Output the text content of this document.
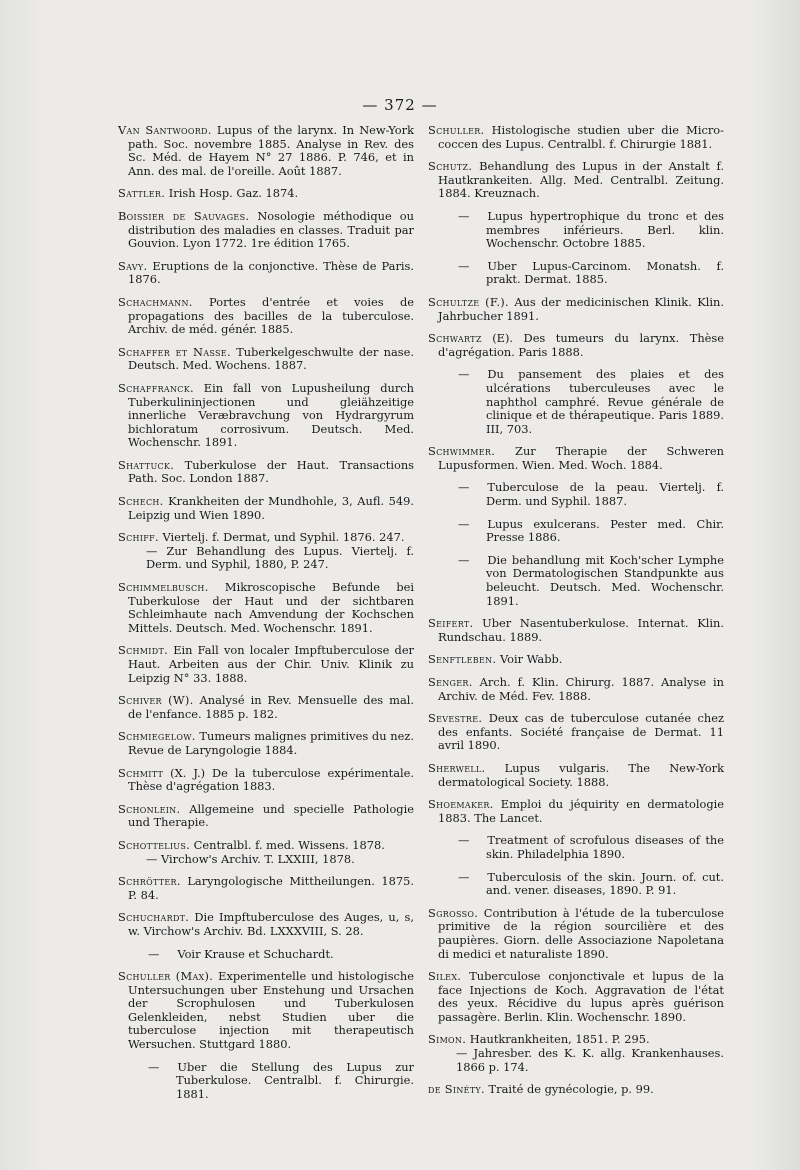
— 372 —
Van Santwoord. Lupus of the larynx. In New-York path. Soc. novembre 1885. Analyse in Rev. des Sc. Méd. de Hayem N° 27 1886. P. 746, et in Ann. des mal. de l'oreille. Août 1887.
Sattler. Irish Hosp. Gaz. 1874.
Boissier de Sauvages. Nosologie méthodique ou distribution des maladies en classes. Traduit par Gouvion. Lyon 1772. 1re édition 1765.
Savy. Eruptions de la conjonctive. Thèse de Paris. 1876.
Schachmann. Portes d'entrée et voies de propagations des bacilles de la tuberculose. Archiv. de méd. génér. 1885.
Schaffer et Nasse. Tuberkelgeschwulte der nase. Deutsch. Med. Wochens. 1887.
Schaffranck. Ein fall von Lupusheilung durch Tuberkulininjectionen und gleiähzeitige innerliche Veræbravchung von Hydrargyrum bichloratum corrosivum. Deutsch. Med. Wochenschr. 1891.
Shattuck. Tuberkulose der Haut. Transactions Path. Soc. London 1887.
Schech. Krankheiten der Mundhohle, 3, Aufl. 549. Leipzig und Wien 1890.
Schiff. Viertelj. f. Dermat, und Syphil. 1876. 247.
— Zur Behandlung des Lupus. Viertelj. f. Derm. und Syphil, 1880, P. 247.
Schimmelbusch. Mikroscopische Befunde bei Tuberkulose der Haut und der sichtbaren Schleimhaute nach Amvendung der Kochschen Mittels. Deutsch. Med. Wochenschr. 1891.
Schmidt. Ein Fall von localer Impftuberculose der Haut. Arbeiten aus der Chir. Univ. Klinik zu Leipzig N° 33. 1888.
Schiver (W). Analysé in Rev. Mensuelle des mal. de l'enfance. 1885 p. 182.
Schmiegelow. Tumeurs malignes primitives du nez. Revue de Laryngologie 1884.
Schmitt (X. J.) De la tuberculose expérimentale. Thèse d'agrégation 1883.
Schonlein. Allgemeine und specielle Pathologie und Therapie.
Schottelius. Centralbl. f. med. Wissens. 1878.
— Virchow's Archiv. T. LXXIII, 1878.
Schrötter. Laryngologische Mittheilungen. 1875. P. 84.
Schuchardt. Die Impftuberculose des Auges, u, s, w. Virchow's Archiv. Bd. LXXXVIII, S. 28.
— Voir Krause et Schuchardt.
Schuller (Max). Experimentelle und histologische Untersuchungen uber Enstehung und Ursachen der Scrophulosen und Tuberkulosen Gelenkleiden, nebst Studien uber die tuberculose injection mit therapeutisch Wersuchen. Stuttgard 1880.
— Uber die Stellung des Lupus zur Tuberkulose. Centralbl. f. Chirurgie. 1881.
Schuller. Histologische studien uber die Micro-coccen des Lupus. Centralbl. f. Chirurgie 1881.
Schutz. Behandlung des Lupus in der Anstalt f. Hautkrankeiten. Allg. Med. Centralbl. Zeitung. 1884. Kreuznach.
— Lupus hypertrophique du tronc et des membres inférieurs. Berl. klin. Wochenschr. Octobre 1885.
— Uber Lupus-Carcinom. Monatsh. f. prakt. Dermat. 1885.
Schultze (F.). Aus der medicinischen Klinik. Klin. Jahrbucher 1891.
Schwartz (E). Des tumeurs du larynx. Thèse d'agrégation. Paris 1888.
— Du pansement des plaies et des ulcérations tuberculeuses avec le naphthol camphré. Revue générale de clinique et de thérapeutique. Paris 1889. III, 703.
Schwimmer. Zur Therapie der Schweren Lupusformen. Wien. Med. Woch. 1884.
— Tuberculose de la peau. Viertelj. f. Derm. und Syphil. 1887.
— Lupus exulcerans. Pester med. Chir. Presse 1886.
— Die behandlung mit Koch'scher Lymphe von Dermatologischen Standpunkte aus beleucht. Deutsch. Med. Wochenschr. 1891.
Seifert. Uber Nasentuberkulose. Internat. Klin. Rundschau. 1889.
Senftleben. Voir Wabb.
Senger. Arch. f. Klin. Chirurg. 1887. Analyse in Archiv. de Méd. Fev. 1888.
Sevestre. Deux cas de tuberculose cutanée chez des enfants. Société française de Dermat. 11 avril 1890.
Sherwell. Lupus vulgaris. The New-York dermatological Society. 1888.
Shoemaker. Emploi du jéquirity en dermatologie 1883. The Lancet.
— Treatment of scrofulous diseases of the skin. Philadelphia 1890.
— Tuberculosis of the skin. Journ. of. cut. and. vener. diseases, 1890. P. 91.
Sgrosso. Contribution à l'étude de la tuberculose primitive de la région sourcilière et des paupières. Giorn. delle Associazione Napoletana di medici et naturaliste 1890.
Silex. Tuberculose conjonctivale et lupus de la face Injections de Koch. Aggravation de l'état des yeux. Récidive du lupus après guérison passagère. Berlin. Klin. Wochenschr. 1890.
Simon. Hautkrankheiten, 1851. P. 295.
— Jahresber. des K. K. allg. Krankenhauses. 1866 p. 174.
de Sinéty. Traité de gynécologie, p. 99.
